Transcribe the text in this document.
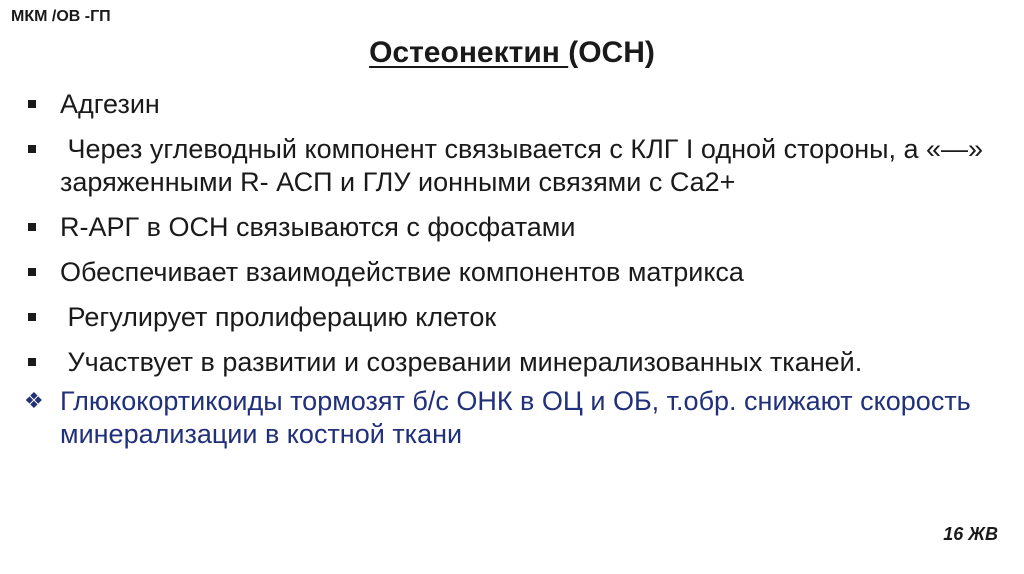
МКМ /ОВ -ГП
Остеонектин (ОСН)
Адгезин
Через углеводный компонент связывается с КЛГ I одной стороны, а «—» заряженными R- АСП и ГЛУ ионными связями с Са2+
R-АРГ в ОСН связываются с фосфатами
Обеспечивает взаимодействие компонентов матрикса
Регулирует пролиферацию клеток
Участвует в развитии и созревании минерализованных тканей.
❖ Глюкокортикоиды тормозят б/с ОНК в ОЦ и ОБ, т.обр. снижают скорость минерализации в костной ткани
16 ЖВ
